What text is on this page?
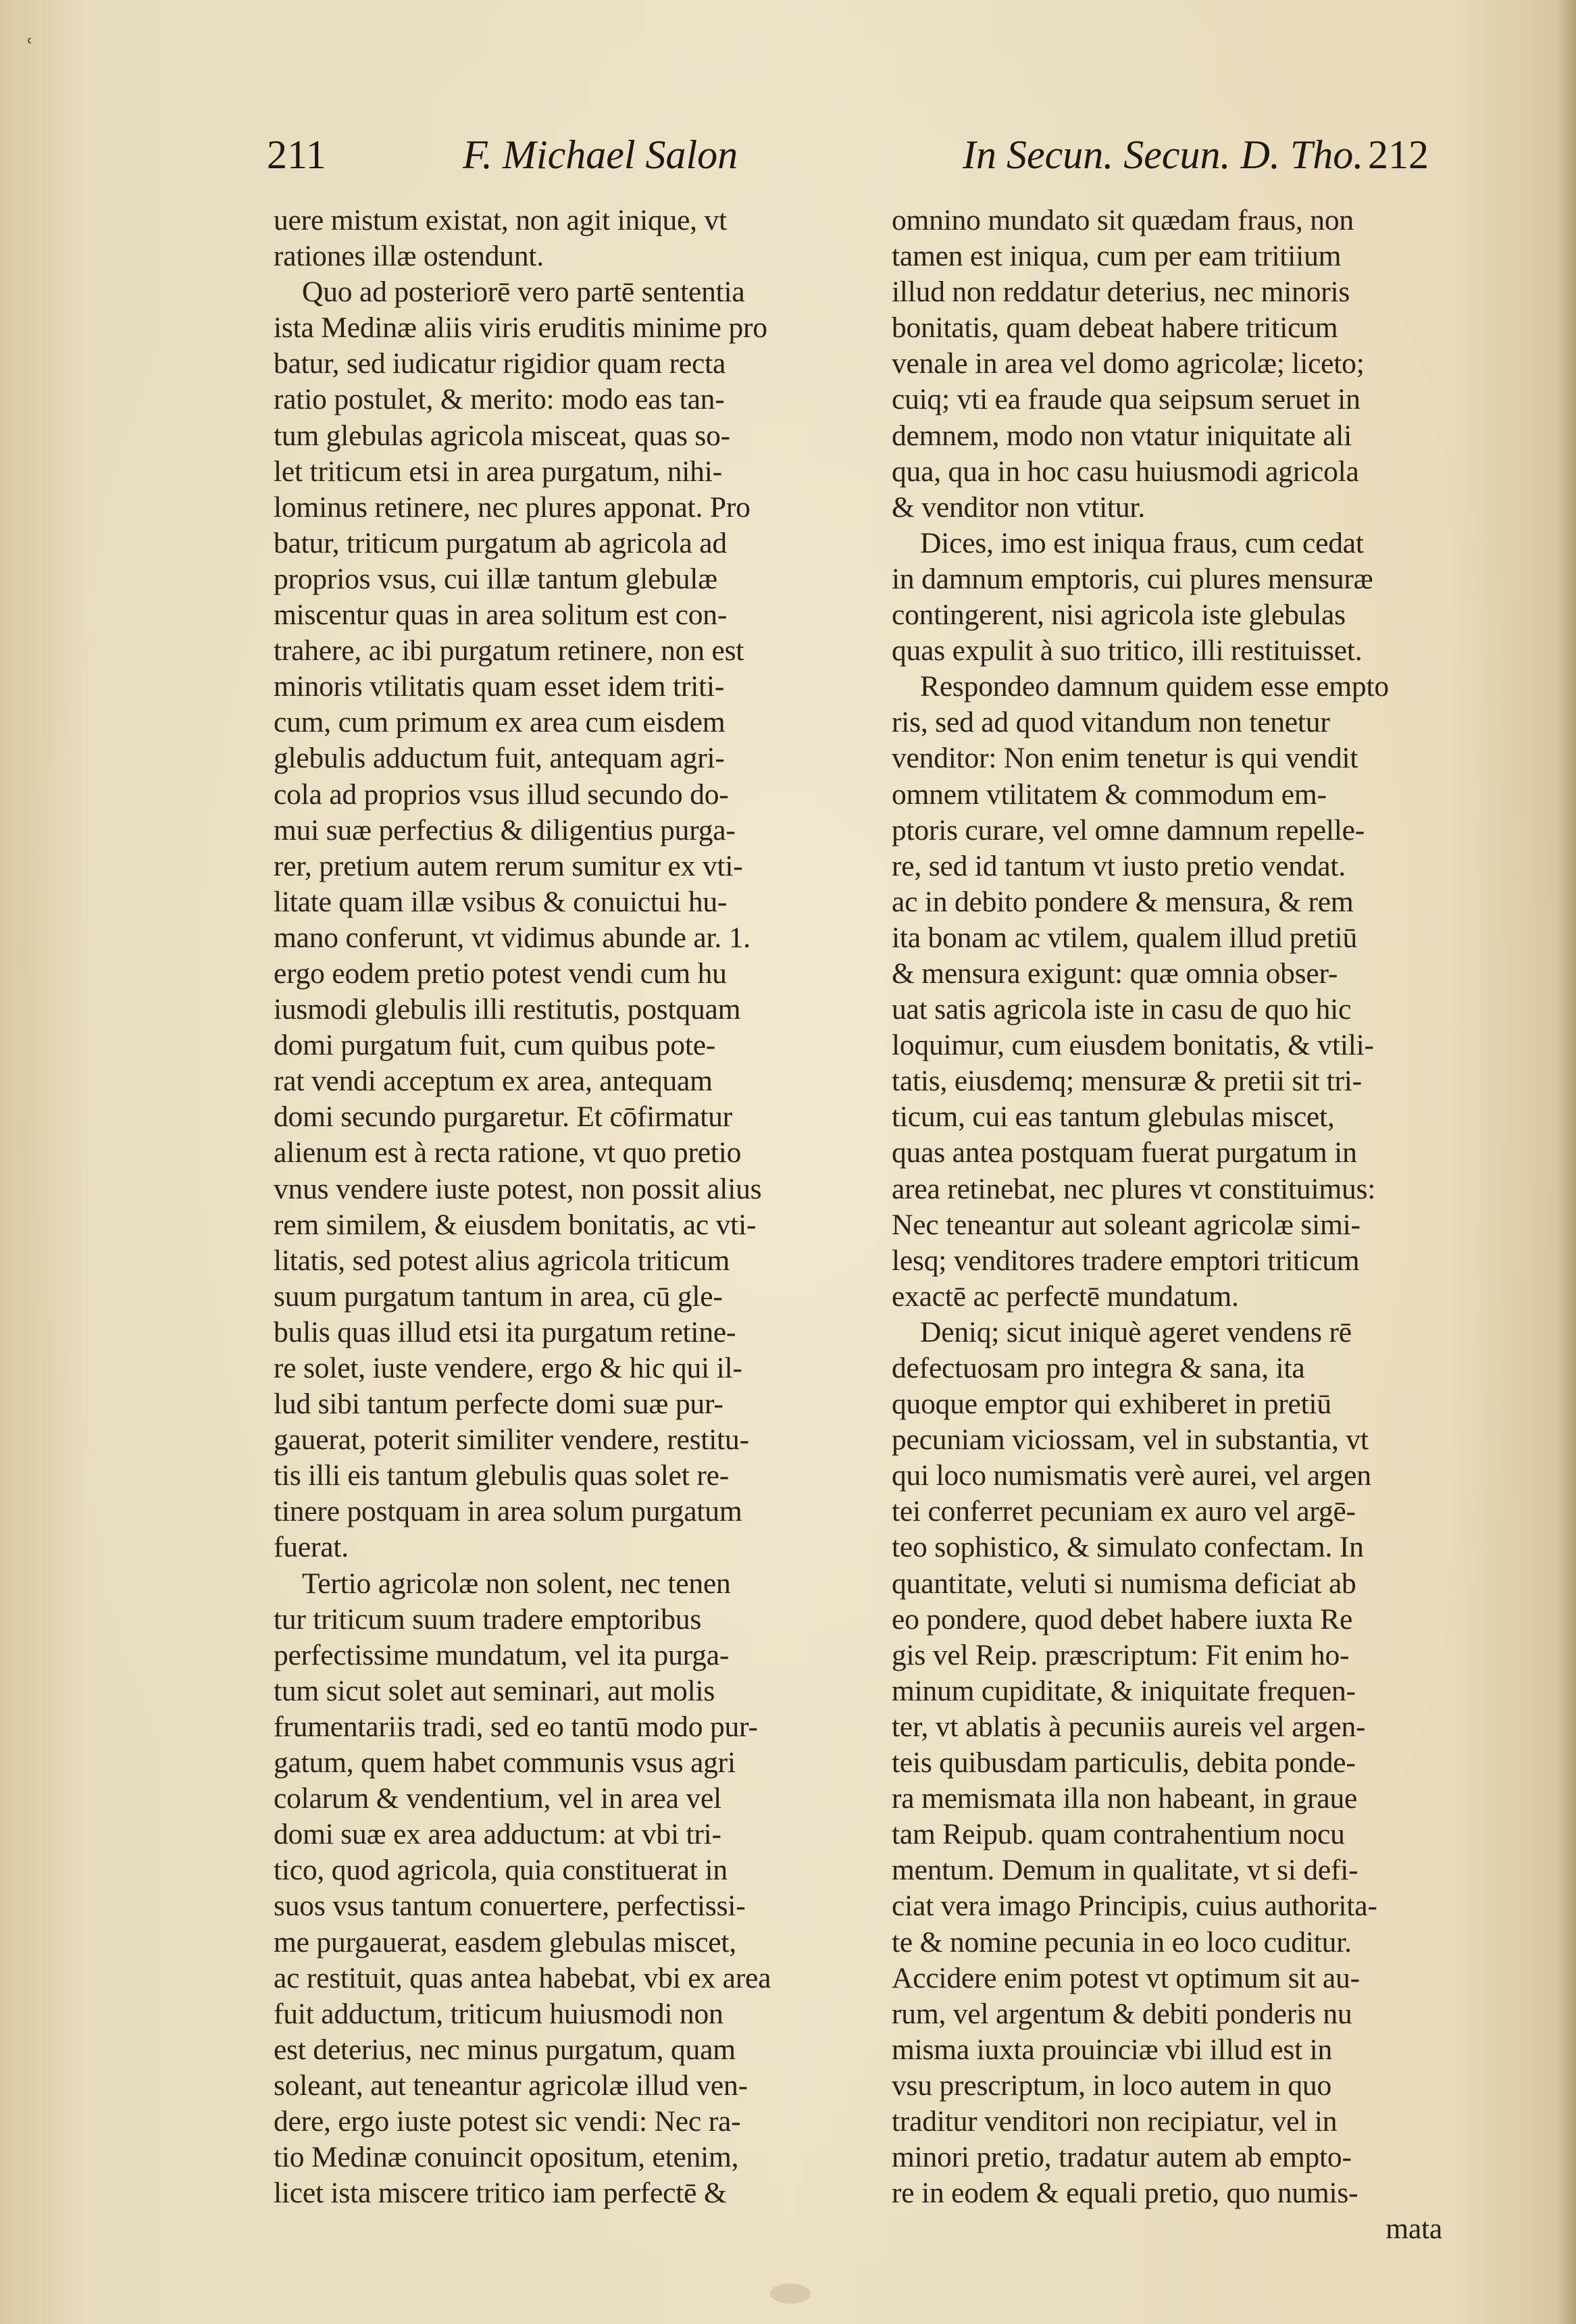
ʿ
211	F. Michael Salon	In Secun. Secun. D. Tho. 212
uere mistum existat, non agit inique, vt
rationes illæ ostendunt.
Quo ad posteriorē vero partē sententia
ista Medinæ aliis viris eruditis minime pro
batur, sed iudicatur rigidior quam recta
ratio postulet, & merito: modo eas tan-
tum glebulas agricola misceat, quas so-
let triticum etsi in area purgatum, nihi-
lominus retinere, nec plures apponat. Pro
batur, triticum purgatum ab agricola ad
proprios vsus, cui illæ tantum glebulæ
miscentur quas in area solitum est con-
trahere, ac ibi purgatum retinere, non est
minoris vtilitatis quam esset idem triti-
cum, cum primum ex area cum eisdem
glebulis adductum fuit, antequam agri-
cola ad proprios vsus illud secundo do-
mui suæ perfectius & diligentius purga-
rer, pretium autem rerum sumitur ex vti-
litate quam illæ vsibus & conuictui hu-
mano conferunt, vt vidimus abunde ar. 1.
ergo eodem pretio potest vendi cum hu
iusmodi glebulis illi restitutis, postquam
domi purgatum fuit, cum quibus pote-
rat vendi acceptum ex area, antequam
domi secundo purgaretur. Et cōfirmatur
alienum est à recta ratione, vt quo pretio
vnus vendere iuste potest, non possit alius
rem similem, & eiusdem bonitatis, ac vti-
litatis, sed potest alius agricola triticum
suum purgatum tantum in area, cū gle-
bulis quas illud etsi ita purgatum retine-
re solet, iuste vendere, ergo & hic qui il-
lud sibi tantum perfecte domi suæ pur-
gauerat, poterit similiter vendere, restitu-
tis illi eis tantum glebulis quas solet re-
tinere postquam in area solum purgatum
fuerat.
Tertio agricolæ non solent, nec tenen
tur triticum suum tradere emptoribus
perfectissime mundatum, vel ita purga-
tum sicut solet aut seminari, aut molis
frumentariis tradi, sed eo tantū modo pur-
gatum, quem habet communis vsus agri
colarum & vendentium, vel in area vel
domi suæ ex area adductum: at vbi tri-
tico, quod agricola, quia constituerat in
suos vsus tantum conuertere, perfectissi-
me purgauerat, easdem glebulas miscet,
ac restituit, quas antea habebat, vbi ex area
fuit adductum, triticum huiusmodi non
est deterius, nec minus purgatum, quam
soleant, aut teneantur agricolæ illud ven-
dere, ergo iuste potest sic vendi: Nec ra-
tio Medinæ conuincit opositum, etenim,
licet ista miscere tritico iam perfectē &
omnino mundato sit quædam fraus, non
tamen est iniqua, cum per eam tritiium
illud non reddatur deterius, nec minoris
bonitatis, quam debeat habere triticum
venale in area vel domo agricolæ; liceto;
cuiq; vti ea fraude qua seipsum seruet in
demnem, modo non vtatur iniquitate ali
qua, qua in hoc casu huiusmodi agricola
& venditor non vtitur.
Dices, imo est iniqua fraus, cum cedat
in damnum emptoris, cui plures mensuræ
contingerent, nisi agricola iste glebulas
quas expulit à suo tritico, illi restituisset.
Respondeo damnum quidem esse empto
ris, sed ad quod vitandum non tenetur
venditor: Non enim tenetur is qui vendit
omnem vtilitatem & commodum em-
ptoris curare, vel omne damnum repelle-
re, sed id tantum vt iusto pretio vendat.
ac in debito pondere & mensura, & rem
ita bonam ac vtilem, qualem illud pretiū
& mensura exigunt: quæ omnia obser-
uat satis agricola iste in casu de quo hic
loquimur, cum eiusdem bonitatis, & vtili-
tatis, eiusdemq; mensuræ & pretii sit tri-
ticum, cui eas tantum glebulas miscet,
quas antea postquam fuerat purgatum in
area retinebat, nec plures vt constituimus:
Nec teneantur aut soleant agricolæ simi-
lesq; venditores tradere emptori triticum
exactē ac perfectē mundatum.
Deniq; sicut iniquè ageret vendens rē
defectuosam pro integra & sana, ita
quoque emptor qui exhiberet in pretiū
pecuniam viciossam, vel in substantia, vt
qui loco numismatis verè aurei, vel argen
tei conferret pecuniam ex auro vel argē-
teo sophistico, & simulato confectam. In
quantitate, veluti si numisma deficiat ab
eo pondere, quod debet habere iuxta Re
gis vel Reip. præscriptum: Fit enim ho-
minum cupiditate, & iniquitate frequen-
ter, vt ablatis à pecuniis aureis vel argen-
teis quibusdam particulis, debita ponde-
ra memismata illa non habeant, in graue
tam Reipub. quam contrahentium nocu
mentum. Demum in qualitate, vt si defi-
ciat vera imago Principis, cuius authorita-
te & nomine pecunia in eo loco cuditur.
Accidere enim potest vt optimum sit au-
rum, vel argentum & debiti ponderis nu
misma iuxta prouinciæ vbi illud est in
vsu prescriptum, in loco autem in quo
traditur venditori non recipiatur, vel in
minori pretio, tradatur autem ab empto-
re in eodem & equali pretio, quo numis-
mata
